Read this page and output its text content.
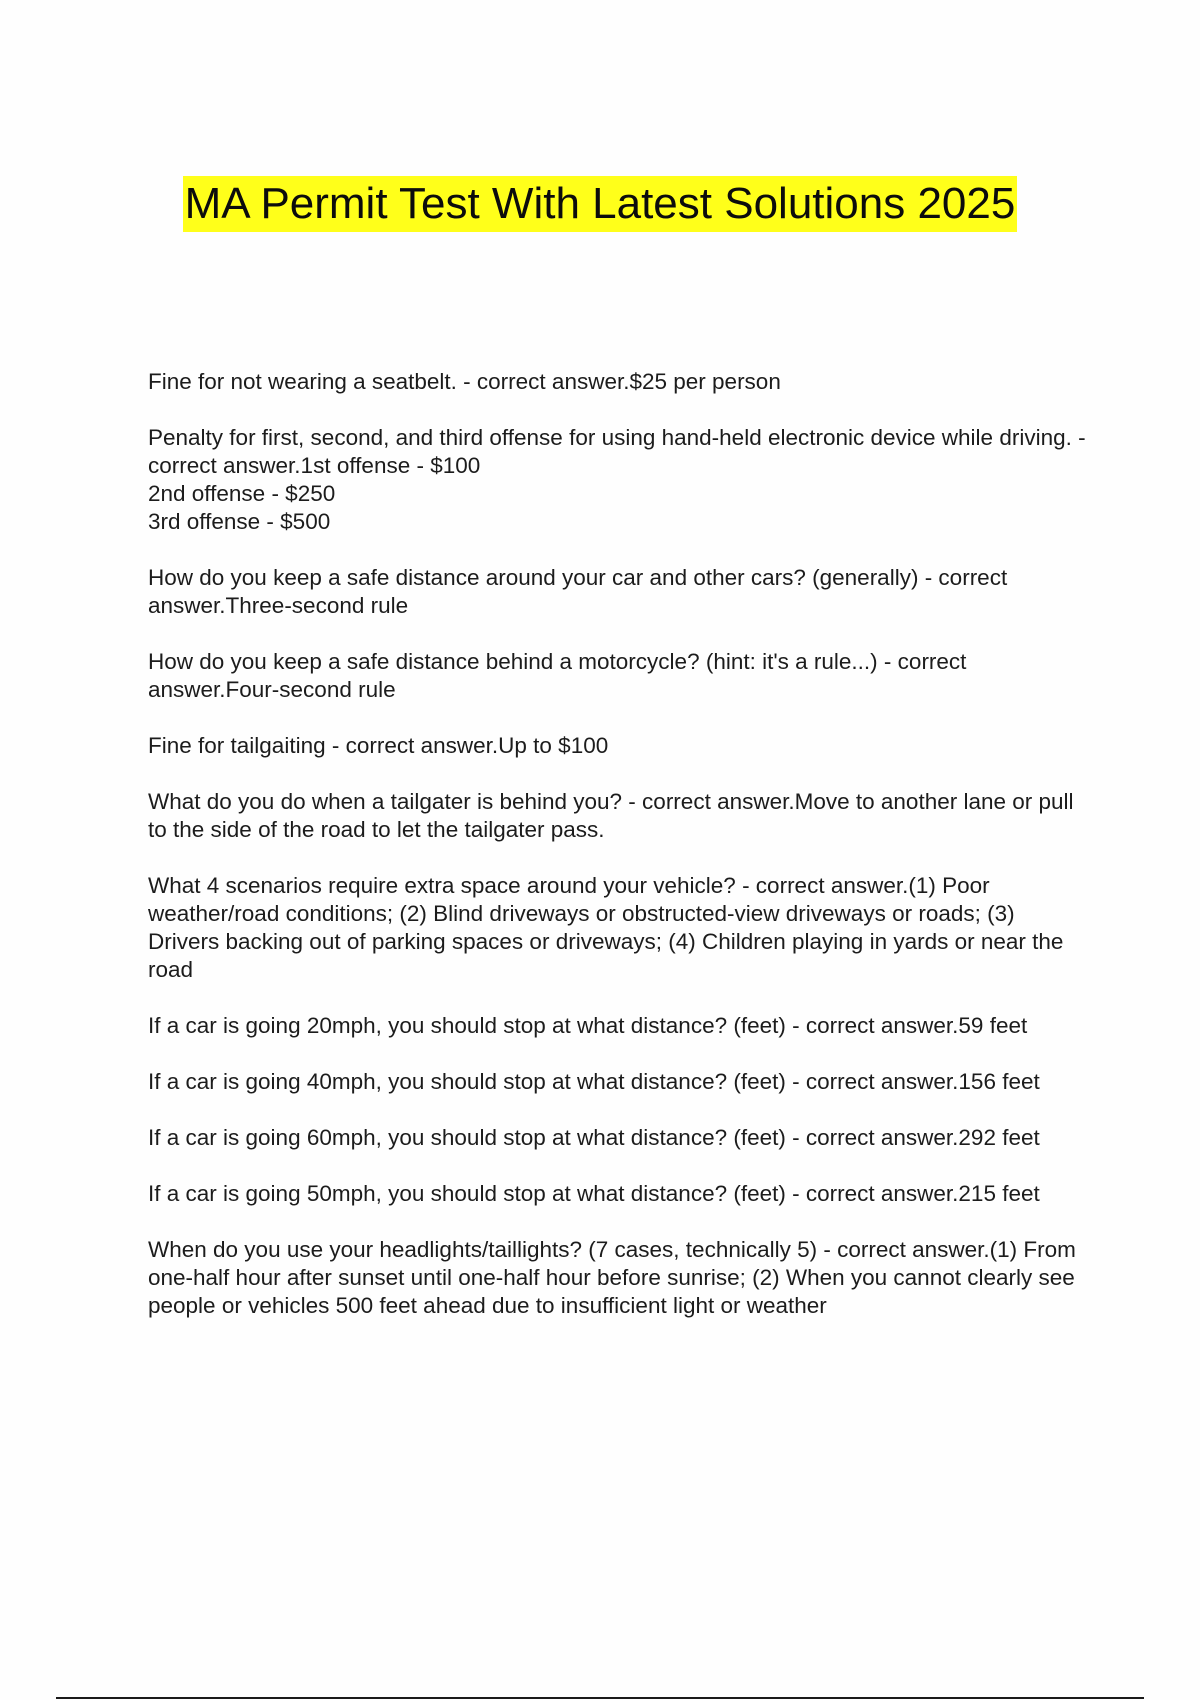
MA Permit Test With Latest Solutions 2025
Fine for not wearing a seatbelt. - correct answer.$25 per person
Penalty for first, second, and third offense for using hand-held electronic device while driving. - correct answer.1st offense - $100
2nd offense - $250
3rd offense - $500
How do you keep a safe distance around your car and other cars? (generally) - correct answer.Three-second rule
How do you keep a safe distance behind a motorcycle? (hint: it's a rule...) - correct answer.Four-second rule
Fine for tailgaiting - correct answer.Up to $100
What do you do when a tailgater is behind you? - correct answer.Move to another lane or pull to the side of the road to let the tailgater pass.
What 4 scenarios require extra space around your vehicle? - correct answer.(1) Poor weather/road conditions; (2) Blind driveways or obstructed-view driveways or roads; (3) Drivers backing out of parking spaces or driveways; (4) Children playing in yards or near the road
If a car is going 20mph, you should stop at what distance? (feet) - correct answer.59 feet
If a car is going 40mph, you should stop at what distance? (feet) - correct answer.156 feet
If a car is going 60mph, you should stop at what distance? (feet) - correct answer.292 feet
If a car is going 50mph, you should stop at what distance? (feet) - correct answer.215 feet
When do you use your headlights/taillights? (7 cases, technically 5) - correct answer.(1) From one-half hour after sunset until one-half hour before sunrise; (2) When you cannot clearly see people or vehicles 500 feet ahead due to insufficient light or weather
